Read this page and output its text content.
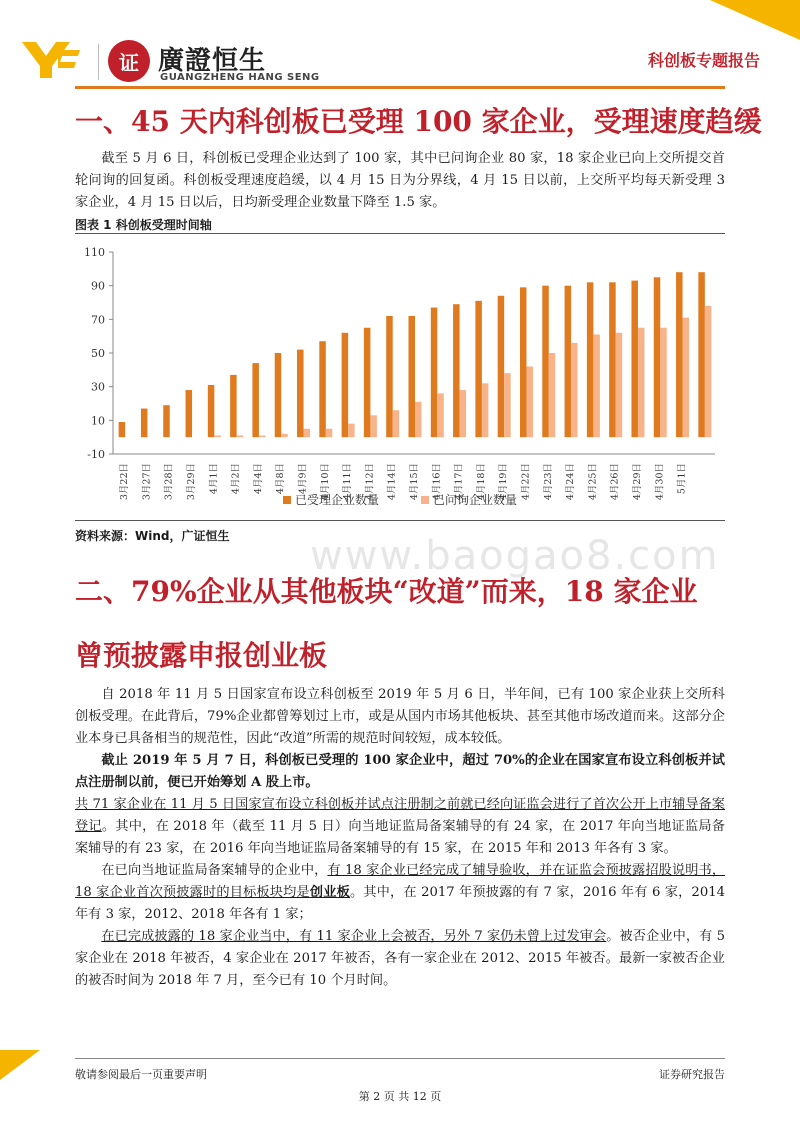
证 廣證恒生
GUANGZHENG HANG SENG
科创板专题报告
一、45 天内科创板已受理 100 家企业，受理速度趋缓

截至 5 月 6 日，科创板已受理企业达到了 100 家，其中已问询企业 80 家，18 家企业已向上交所提交首轮问询的回复函。科创板受理速度趋缓，以 4 月 15 日为分界线，4 月 15 日以前，上交所平均每天新受理 3 家企业，4 月 15 日以后，日均新受理企业数量下降至 1.5 家。

图表 1 科创板受理时间轴
-10
10
30
50
70
90
110
3月22日 3月27日 3月28日 3月29日 4月1日 4月2日 4月4日 4月8日 4月9日 4月10日 4月11日 4月12日 4月14日 4月15日 4月16日 4月17日 4月18日 4月19日 4月22日 4月23日 4月24日 4月25日 4月26日 4月29日 4月30日 5月1日
已受理企业数量	已问询企业数量
资料来源：Wind，广证恒生 www.baogao8.com
二、79%企业从其他板块“改道”而来，18 家企业
曾预披露申报创业板

自 2018 年 11 月 5 日国家宣布设立科创板至 2019 年 5 月 6 日，半年间，已有 100 家企业获上交所科创板受理。在此背后，79%企业都曾筹划过上市，或是从国内市场其他板块、甚至其他市场改道而来。这部分企业本身已具备相当的规范性，因此“改道”所需的规范时间较短，成本较低。

截止 2019 年 5 月 7 日，科创板已受理的 100 家企业中，超过 70%的企业在国家宣布设立科创板并试点注册制以前，便已开始筹划 A 股上市。

共 71 家企业在 11 月 5 日国家宣布设立科创板并试点注册制之前就已经向证监会进行了首次公开上市辅导备案登记。其中，在 2018 年（截至 11 月 5 日）向当地证监局备案辅导的有 24 家，在 2017 年向当地证监局备案辅导的有 23 家，在 2016 年向当地证监局备案辅导的有 15 家，在 2015 年和 2013 年各有 3 家。

在已向当地证监局备案辅导的企业中，有 18 家企业已经完成了辅导验收，并在证监会预披露招股说明书，18 家企业首次预披露时的目标板块均是创业板。其中，在 2017 年预披露的有 7 家，2016 年有 6 家，2014 年有 3 家，2012、2018 年各有 1 家；

在已完成披露的 18 家企业当中，有 11 家企业上会被否，另外 7 家仍未曾上过发审会。被否企业中，有 5 家企业在 2018 年被否，4 家企业在 2017 年被否，各有一家企业在 2012、2015 年被否。最新一家被否企业的被否时间为 2018 年 7 月，至今已有 10 个月时间。

敬请参阅最后一页重要声明	证券研究报告
第 2 页 共 12 页
